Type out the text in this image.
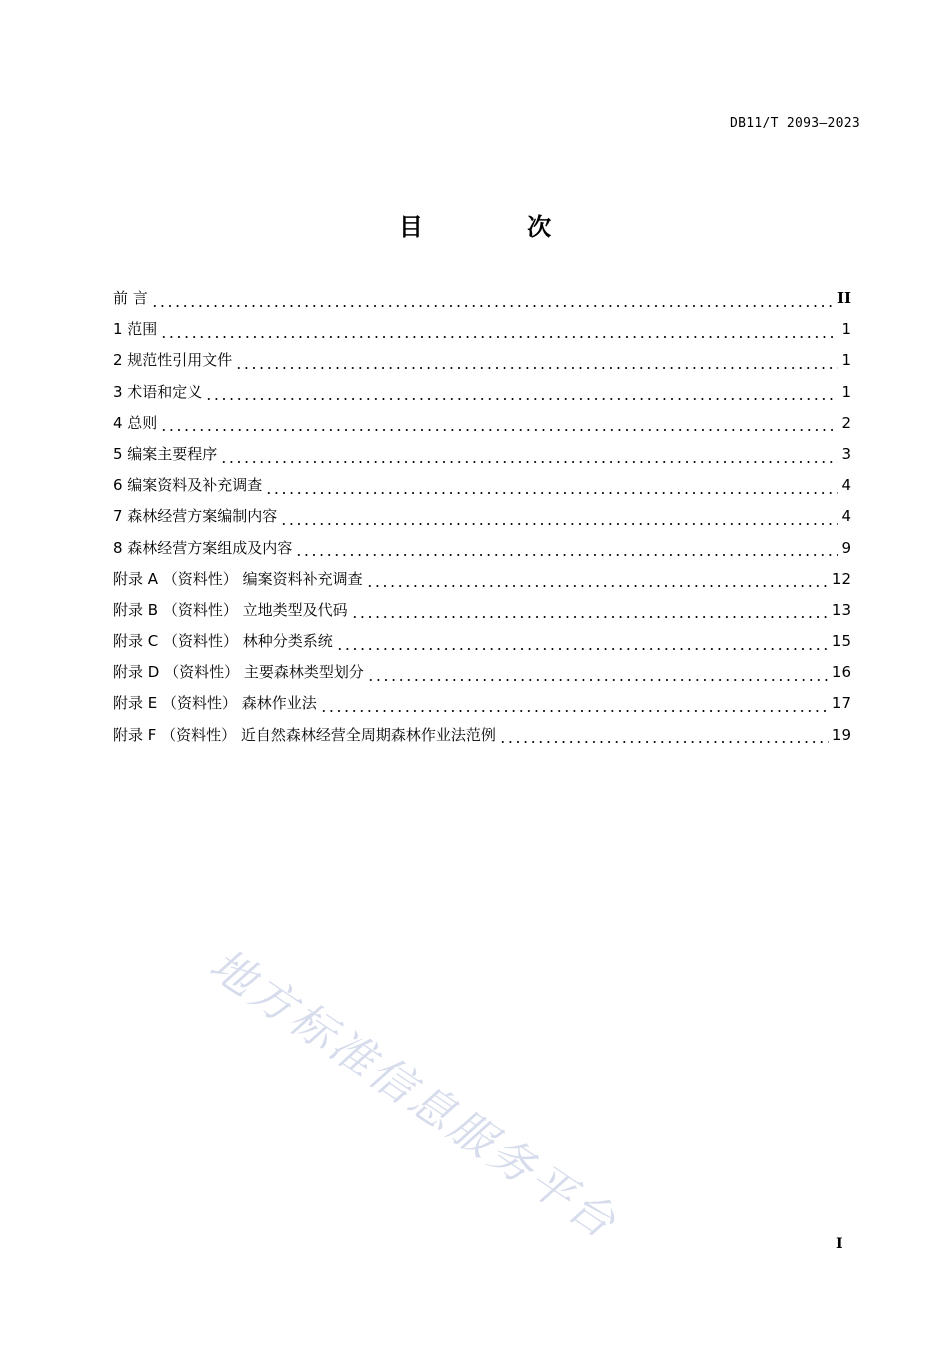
DB11/T 2093—2023
目 次
前 言	II
1 范围	1
2 规范性引用文件	1
3 术语和定义	1
4 总则	2
5 编案主要程序	3
6 编案资料及补充调查	4
7 森林经营方案编制内容	4
8 森林经营方案组成及内容	9
附录 A （资料性） 编案资料补充调查	12
附录 B （资料性） 立地类型及代码	13
附录 C （资料性） 林种分类系统	15
附录 D （资料性） 主要森林类型划分	16
附录 E （资料性） 森林作业法	17
附录 F （资料性） 近自然森林经营全周期森林作业法范例	19
地方标准信息服务平台	I
